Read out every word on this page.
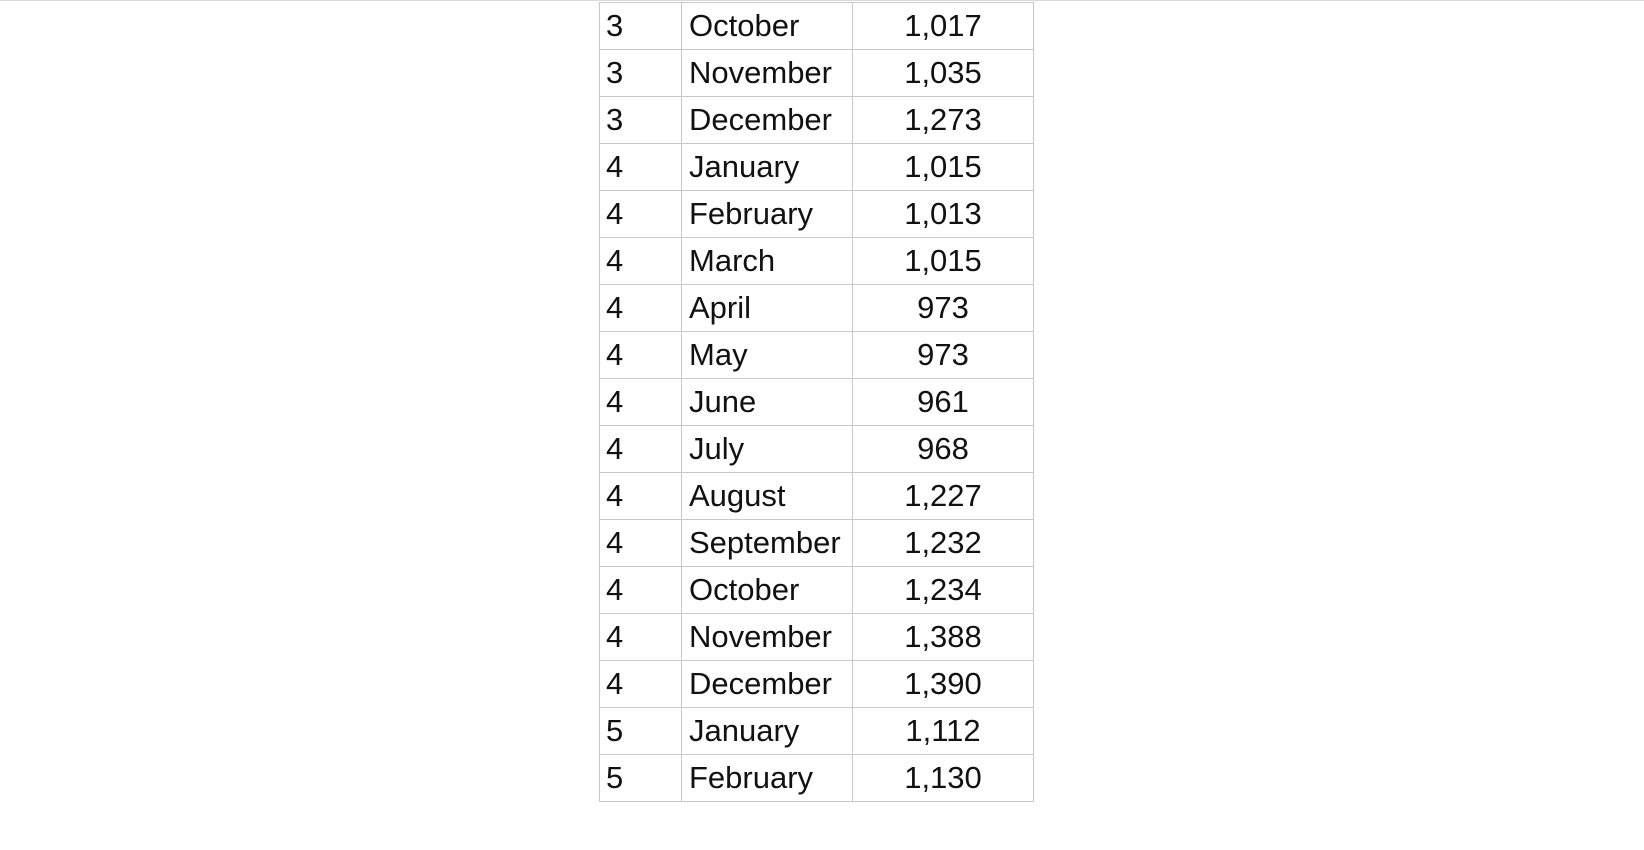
3	October	1,017
3	November	1,035
3	December	1,273
4	January	1,015
4	February	1,013
4	March	1,015
4	April	973
4	May	973
4	June	961
4	July	968
4	August	1,227
4	September	1,232
4	October	1,234
4	November	1,388
4	December	1,390
5	January	1,112
5	February	1,130
